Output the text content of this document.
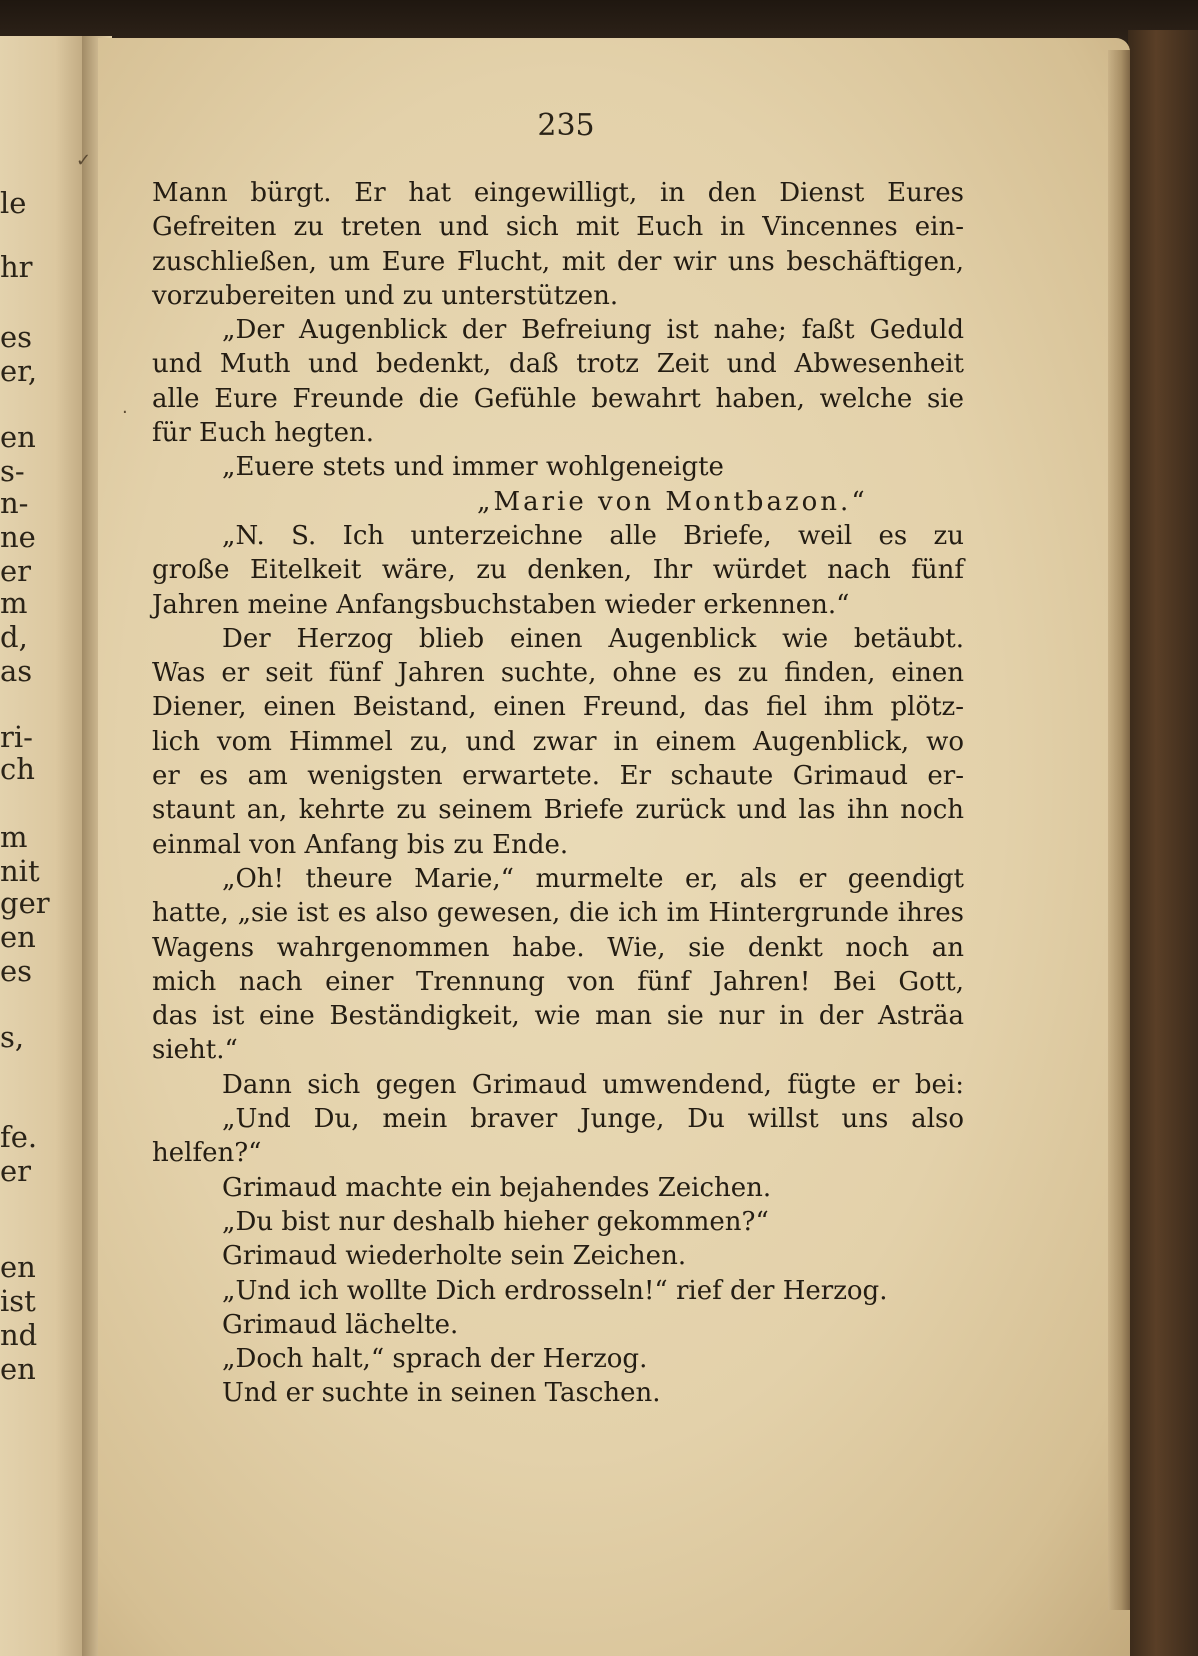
le
hr
es
er,
en
s-
n-
ne
er
m
d,
as
ri-
ch
m
nit
ger
en
es
s,
fe.
er
en
ist
nd
en
✓
·
235
Mann bürgt. Er hat eingewilligt, in den Dienst Eures
Gefreiten zu treten und sich mit Euch in Vincennes ein-
zuschließen, um Eure Flucht, mit der wir uns beschäftigen,
vorzubereiten und zu unterstützen.
„Der Augenblick der Befreiung ist nahe; faßt Geduld
und Muth und bedenkt, daß trotz Zeit und Abwesenheit
alle Eure Freunde die Gefühle bewahrt haben, welche sie
für Euch hegten.
„Euere stets und immer wohlgeneigte
„Marie von Montbazon.“
„N. S. Ich unterzeichne alle Briefe, weil es zu
große Eitelkeit wäre, zu denken, Ihr würdet nach fünf
Jahren meine Anfangsbuchstaben wieder erkennen.“
Der Herzog blieb einen Augenblick wie betäubt.
Was er seit fünf Jahren suchte, ohne es zu finden, einen
Diener, einen Beistand, einen Freund, das fiel ihm plötz-
lich vom Himmel zu, und zwar in einem Augenblick, wo
er es am wenigsten erwartete. Er schaute Grimaud er-
staunt an, kehrte zu seinem Briefe zurück und las ihn noch
einmal von Anfang bis zu Ende.
„Oh! theure Marie,“ murmelte er, als er geendigt
hatte, „sie ist es also gewesen, die ich im Hintergrunde ihres
Wagens wahrgenommen habe. Wie, sie denkt noch an
mich nach einer Trennung von fünf Jahren! Bei Gott,
das ist eine Beständigkeit, wie man sie nur in der Asträa
sieht.“
Dann sich gegen Grimaud umwendend, fügte er bei:
„Und Du, mein braver Junge, Du willst uns also
helfen?“
Grimaud machte ein bejahendes Zeichen.
„Du bist nur deshalb hieher gekommen?“
Grimaud wiederholte sein Zeichen.
„Und ich wollte Dich erdrosseln!“ rief der Herzog.
Grimaud lächelte.
„Doch halt,“ sprach der Herzog.
Und er suchte in seinen Taschen.
